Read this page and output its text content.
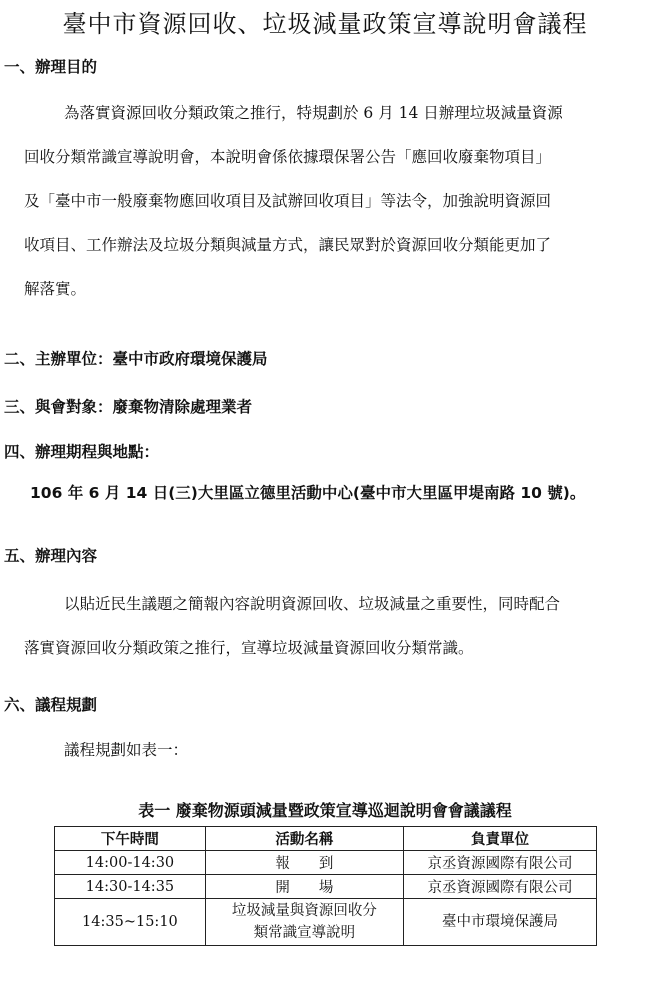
臺中市資源回收、垃圾減量政策宣導說明會議程
一、辦理目的
為落實資源回收分類政策之推行，特規劃於 6 月 14 日辦理垃圾減量資源
回收分類常識宣導說明會，本說明會係依據環保署公告「應回收廢棄物項目」
及「臺中市一般廢棄物應回收項目及試辦回收項目」等法令，加強說明資源回
收項目、工作辦法及垃圾分類與減量方式，讓民眾對於資源回收分類能更加了
解落實。
二、主辦單位：臺中市政府環境保護局
三、與會對象：廢棄物清除處理業者
四、辦理期程與地點：
106 年 6 月 14 日(三)大里區立德里活動中心(臺中市大里區甲堤南路 10 號)。
五、辦理內容
以貼近民生議題之簡報內容說明資源回收、垃圾減量之重要性，同時配合
落實資源回收分類政策之推行，宣導垃圾減量資源回收分類常識。
六、議程規劃
議程規劃如表一：
表一 廢棄物源頭減量暨政策宣導巡迴說明會會議議程
下午時間	活動名稱	負責單位
14:00-14:30	報　　到	京丞資源國際有限公司
14:30-14:35	開　　場	京丞資源國際有限公司
14:35~15:10	垃圾減量與資源回收分
類常識宣導說明	臺中市環境保護局
